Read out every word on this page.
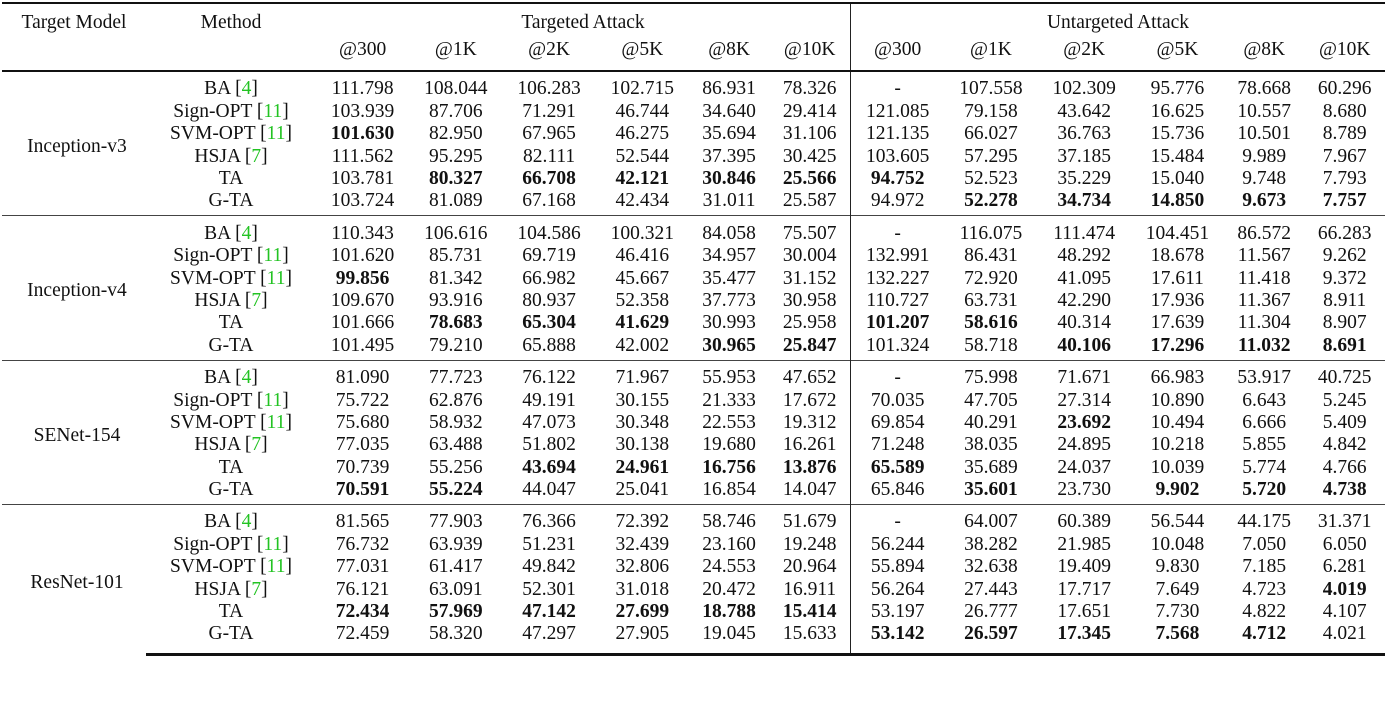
Target Model	Method	Targeted Attack						Untargeted Attack					
		@300	@1K	@2K	@5K	@8K	@10K	@300	@1K	@2K	@5K	@8K	@10K
Inception-v3	BA [4]	111.798	108.044	106.283	102.715	86.931	78.326	-	107.558	102.309	95.776	78.668	60.296
	Sign-OPT [11]	103.939	87.706	71.291	46.744	34.640	29.414	121.085	79.158	43.642	16.625	10.557	8.680
	SVM-OPT [11]	101.630	82.950	67.965	46.275	35.694	31.106	121.135	66.027	36.763	15.736	10.501	8.789
	HSJA [7]	111.562	95.295	82.111	52.544	37.395	30.425	103.605	57.295	37.185	15.484	9.989	7.967
	TA	103.781	80.327	66.708	42.121	30.846	25.566	94.752	52.523	35.229	15.040	9.748	7.793
	G-TA	103.724	81.089	67.168	42.434	31.011	25.587	94.972	52.278	34.734	14.850	9.673	7.757
Inception-v4	BA [4]	110.343	106.616	104.586	100.321	84.058	75.507	-	116.075	111.474	104.451	86.572	66.283
	Sign-OPT [11]	101.620	85.731	69.719	46.416	34.957	30.004	132.991	86.431	48.292	18.678	11.567	9.262
	SVM-OPT [11]	99.856	81.342	66.982	45.667	35.477	31.152	132.227	72.920	41.095	17.611	11.418	9.372
	HSJA [7]	109.670	93.916	80.937	52.358	37.773	30.958	110.727	63.731	42.290	17.936	11.367	8.911
	TA	101.666	78.683	65.304	41.629	30.993	25.958	101.207	58.616	40.314	17.639	11.304	8.907
	G-TA	101.495	79.210	65.888	42.002	30.965	25.847	101.324	58.718	40.106	17.296	11.032	8.691
SENet-154	BA [4]	81.090	77.723	76.122	71.967	55.953	47.652	-	75.998	71.671	66.983	53.917	40.725
	Sign-OPT [11]	75.722	62.876	49.191	30.155	21.333	17.672	70.035	47.705	27.314	10.890	6.643	5.245
	SVM-OPT [11]	75.680	58.932	47.073	30.348	22.553	19.312	69.854	40.291	23.692	10.494	6.666	5.409
	HSJA [7]	77.035	63.488	51.802	30.138	19.680	16.261	71.248	38.035	24.895	10.218	5.855	4.842
	TA	70.739	55.256	43.694	24.961	16.756	13.876	65.589	35.689	24.037	10.039	5.774	4.766
	G-TA	70.591	55.224	44.047	25.041	16.854	14.047	65.846	35.601	23.730	9.902	5.720	4.738
ResNet-101	BA [4]	81.565	77.903	76.366	72.392	58.746	51.679	-	64.007	60.389	56.544	44.175	31.371
	Sign-OPT [11]	76.732	63.939	51.231	32.439	23.160	19.248	56.244	38.282	21.985	10.048	7.050	6.050
	SVM-OPT [11]	77.031	61.417	49.842	32.806	24.553	20.964	55.894	32.638	19.409	9.830	7.185	6.281
	HSJA [7]	76.121	63.091	52.301	31.018	20.472	16.911	56.264	27.443	17.717	7.649	4.723	4.019
	TA	72.434	57.969	47.142	27.699	18.788	15.414	53.197	26.777	17.651	7.730	4.822	4.107
	G-TA	72.459	58.320	47.297	27.905	19.045	15.633	53.142	26.597	17.345	7.568	4.712	4.021
